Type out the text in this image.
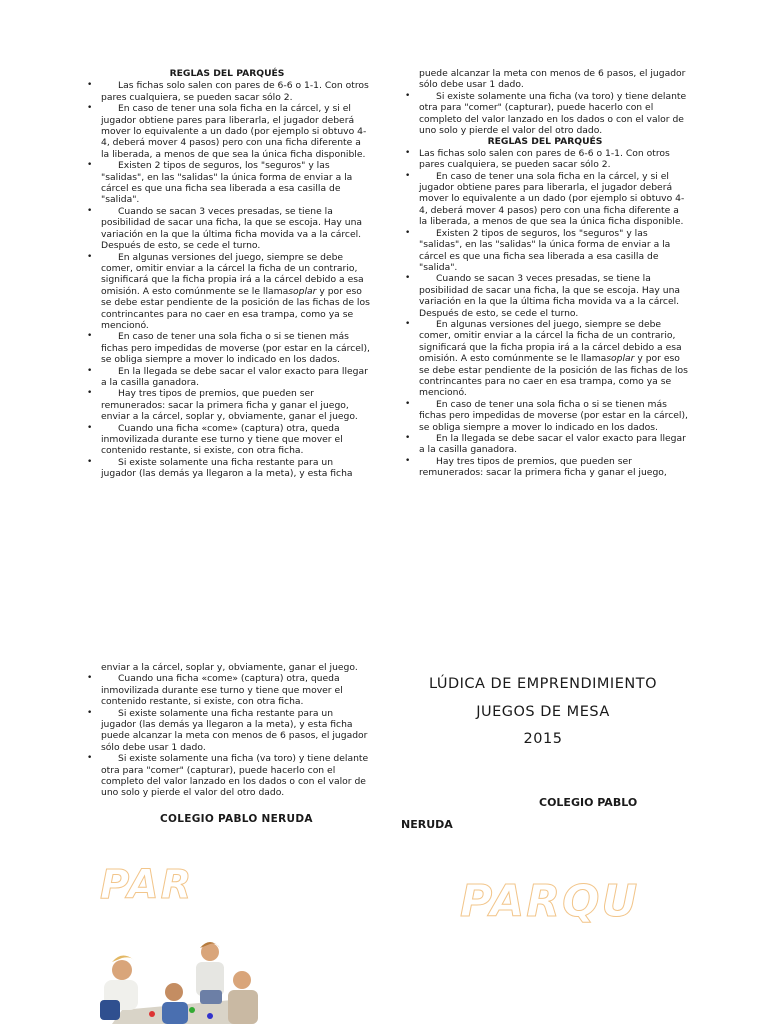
REGLAS DEL PARQUÉS
• Las fichas solo salen con pares de 6-6 o 1-1. Con otros pares cualquiera, se pueden sacar sólo 2.
• En caso de tener una sola ficha en la cárcel, y si el jugador obtiene pares para liberarla, el jugador deberá mover lo equivalente a un dado (por ejemplo si obtuvo 4-4, deberá mover 4 pasos) pero con una ficha diferente a la liberada, a menos de que sea la única ficha disponible.
• Existen 2 tipos de seguros, los "seguros" y las "salidas", en las "salidas" la única forma de enviar a la cárcel es que una ficha sea liberada a esa casilla de "salida".
• Cuando se sacan 3 veces presadas, se tiene la posibilidad de sacar una ficha, la que se escoja. Hay una variación en la que la última ficha movida va a la cárcel. Después de esto, se cede el turno.
• En algunas versiones del juego, siempre se debe comer, omitir enviar a la cárcel la ficha de un contrario, significará que la ficha propia irá a la cárcel debido a esa omisión. A esto comúnmente se le llamasoplar y por eso se debe estar pendiente de la posición de las fichas de los contrincantes para no caer en esa trampa, como ya se mencionó.
• En caso de tener una sola ficha o si se tienen más fichas pero impedidas de moverse (por estar en la cárcel), se obliga siempre a mover lo indicado en los dados.
• En la llegada se debe sacar el valor exacto para llegar a la casilla ganadora.
• Hay tres tipos de premios, que pueden ser remunerados: sacar la primera ficha y ganar el juego, enviar a la cárcel, soplar y, obviamente, ganar el juego.
• Cuando una ficha «come» (captura) otra, queda inmovilizada durante ese turno y tiene que mover el contenido restante, si existe, con otra ficha.
• Si existe solamente una ficha restante para un jugador (las demás ya llegaron a la meta), y esta ficha
puede alcanzar la meta con menos de 6 pasos, el jugador sólo debe usar 1 dado.
• Si existe solamente una ficha (va toro) y tiene delante otra para "comer" (capturar), puede hacerlo con el completo del valor lanzado en los dados o con el valor de uno solo y pierde el valor del otro dado.
REGLAS DEL PARQUÉS
• Las fichas solo salen con pares de 6-6 o 1-1. Con otros pares cualquiera, se pueden sacar sólo 2.
• En caso de tener una sola ficha en la cárcel, y si el jugador obtiene pares para liberarla, el jugador deberá mover lo equivalente a un dado (por ejemplo si obtuvo 4-4, deberá mover 4 pasos) pero con una ficha diferente a la liberada, a menos de que sea la única ficha disponible.
• Existen 2 tipos de seguros, los "seguros" y las "salidas", en las "salidas" la única forma de enviar a la cárcel es que una ficha sea liberada a esa casilla de "salida".
• Cuando se sacan 3 veces presadas, se tiene la posibilidad de sacar una ficha, la que se escoja. Hay una variación en la que la última ficha movida va a la cárcel. Después de esto, se cede el turno.
• En algunas versiones del juego, siempre se debe comer, omitir enviar a la cárcel la ficha de un contrario, significará que la ficha propia irá a la cárcel debido a esa omisión. A esto comúnmente se le llamasoplar y por eso se debe estar pendiente de la posición de las fichas de los contrincantes para no caer en esa trampa, como ya se mencionó.
• En caso de tener una sola ficha o si se tienen más fichas pero impedidas de moverse (por estar en la cárcel), se obliga siempre a mover lo indicado en los dados.
• En la llegada se debe sacar el valor exacto para llegar a la casilla ganadora.
• Hay tres tipos de premios, que pueden ser remunerados: sacar la primera ficha y ganar el juego,
enviar a la cárcel, soplar y, obviamente, ganar el juego.
• Cuando una ficha «come» (captura) otra, queda inmovilizada durante ese turno y tiene que mover el contenido restante, si existe, con otra ficha.
• Si existe solamente una ficha restante para un jugador (las demás ya llegaron a la meta), y esta ficha puede alcanzar la meta con menos de 6 pasos, el jugador sólo debe usar 1 dado.
• Si existe solamente una ficha (va toro) y tiene delante otra para "comer" (capturar), puede hacerlo con el completo del valor lanzado en los dados o con el valor de uno solo y pierde el valor del otro dado.
COLEGIO PABLO NERUDA
PAR
LÚDICA DE EMPRENDIMIENTO
JUEGOS DE MESA
2015
COLEGIO PABLO
NERUDA
PARQU
